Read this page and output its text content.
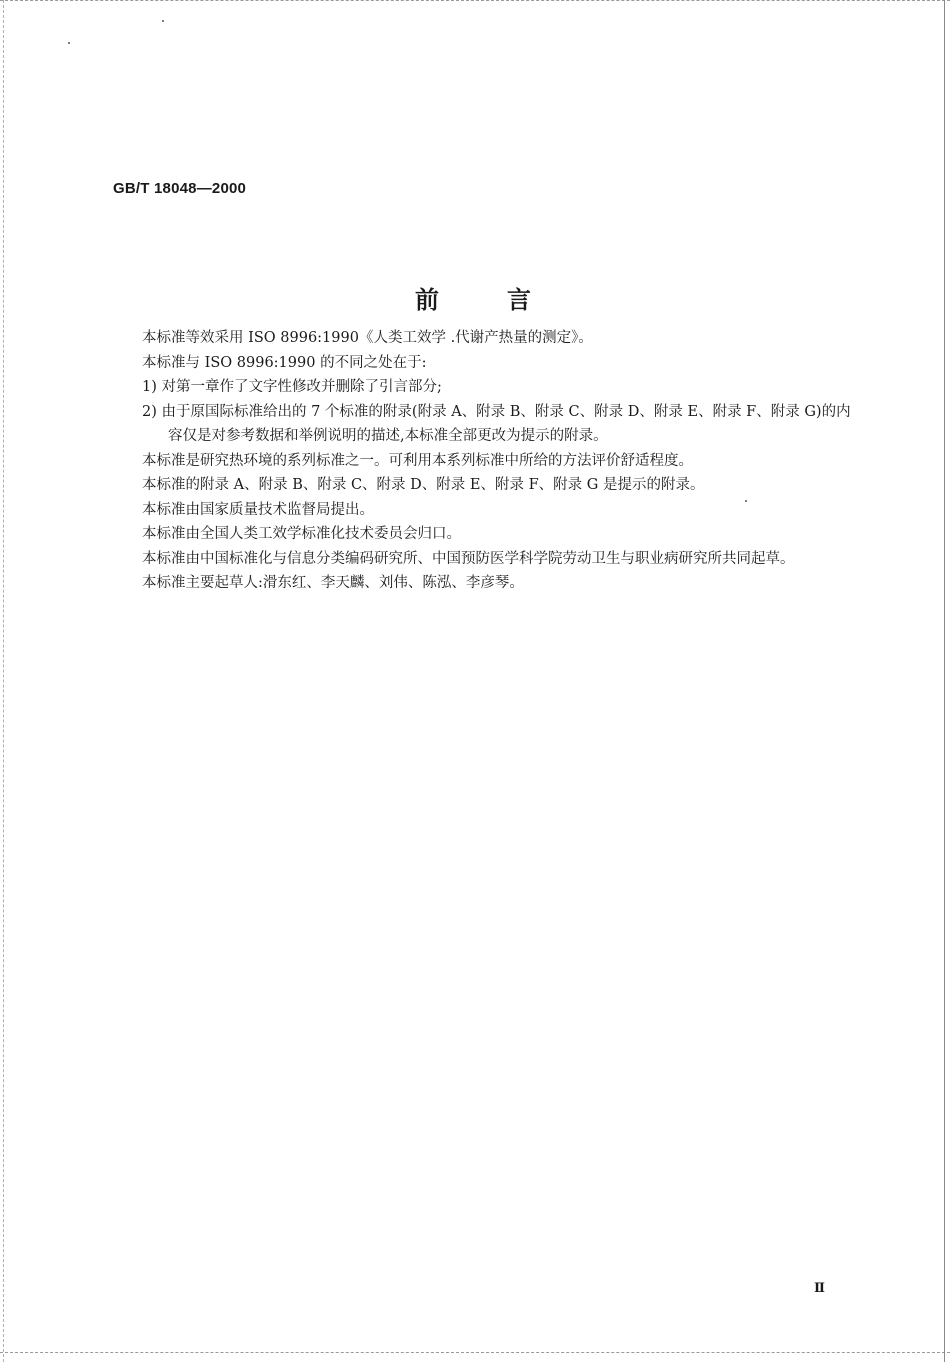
GB/T 18048—2000
前言

本标准等效采用 ISO 8996:1990《人类工效学 .代谢产热量的测定》。

本标准与 ISO 8996:1990 的不同之处在于:

1) 对第一章作了文字性修改并删除了引言部分;

2) 由于原国际标准给出的 7 个标准的附录(附录 A、附录 B、附录 C、附录 D、附录 E、附录 F、附录 G)的内容仅是对参考数据和举例说明的描述,本标准全部更改为提示的附录。

本标准是研究热环境的系列标准之一。可利用本系列标准中所给的方法评价舒适程度。

本标准的附录 A、附录 B、附录 C、附录 D、附录 E、附录 F、附录 G 是提示的附录。

本标准由国家质量技术监督局提出。

本标准由全国人类工效学标准化技术委员会归口。

本标准由中国标准化与信息分类编码研究所、中国预防医学科学院劳动卫生与职业病研究所共同起草。

本标准主要起草人:滑东红、李天麟、刘伟、陈泓、李彦琴。

Ⅱ
